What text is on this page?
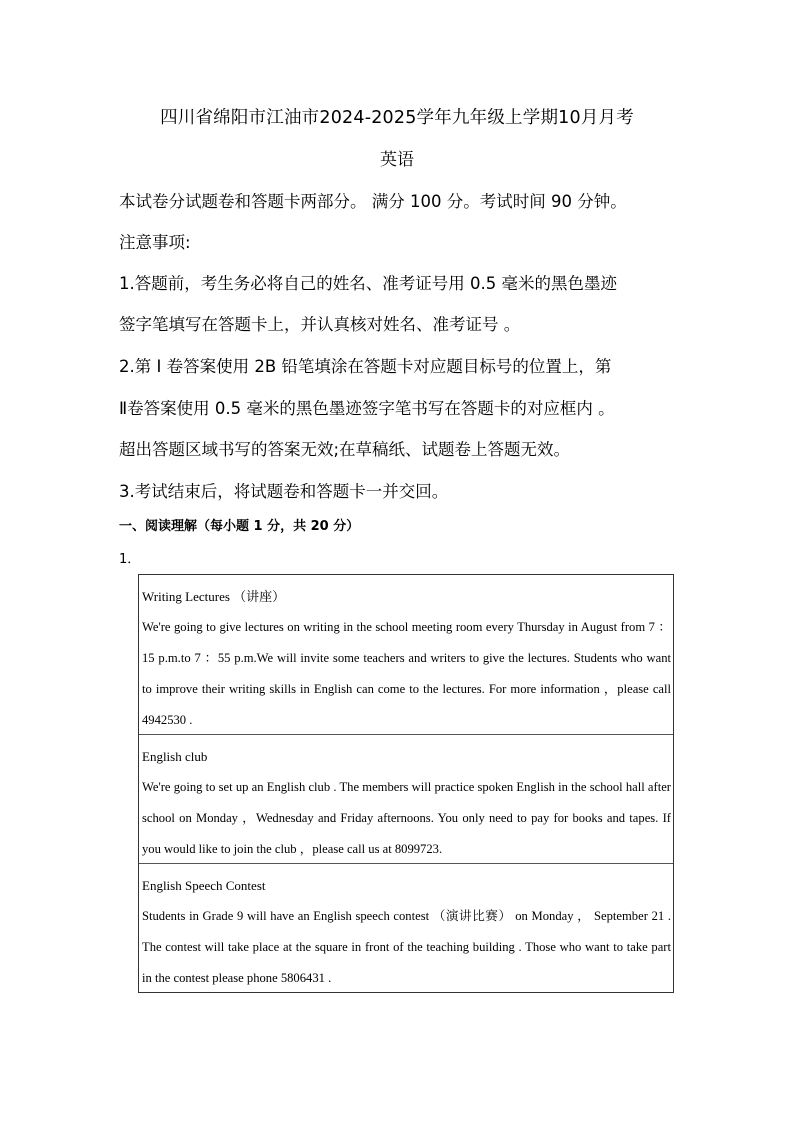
四川省绵阳市江油市2024-2025学年九年级上学期10月月考
英语
本试卷分试题卷和答题卡两部分。 满分 100 分。考试时间 90 分钟。
注意事项:
1.答题前，考生务必将自己的姓名、准考证号用 0.5 毫米的黑色墨迹
签字笔填写在答题卡上，并认真核对姓名、准考证号 。
2.第 I 卷答案使用 2B 铅笔填涂在答题卡对应题目标号的位置上，第
Ⅱ卷答案使用 0.5 毫米的黑色墨迹签字笔书写在答题卡的对应框内 。
超出答题区域书写的答案无效;在草稿纸、试题卷上答题无效。
3.考试结束后，将试题卷和答题卡一并交回。
一、阅读理解（每小题 1 分，共 20 分）
1．
Writing Lectures （讲座）
We're going to give lectures on writing in the school meeting room every Thursday in August from 7 ：15 p.m.to 7 ：55 p.m.We will invite some teachers and writers to give the lectures. Students who want to improve their writing skills in English can come to the lectures. For more information ，please call 4942530 .
English club
We're going to set up an English club . The members will practice spoken English in the school hall after school on Monday ，Wednesday and Friday afternoons. You only need to pay for books and tapes. If you would like to join the club ，please call us at 8099723.
English Speech Contest
Students in Grade 9 will have an English speech contest （演讲比赛） on Monday ， September 21 . The contest will take place at the square in front of the teaching building . Those who want to take part in the contest please phone 5806431 .
